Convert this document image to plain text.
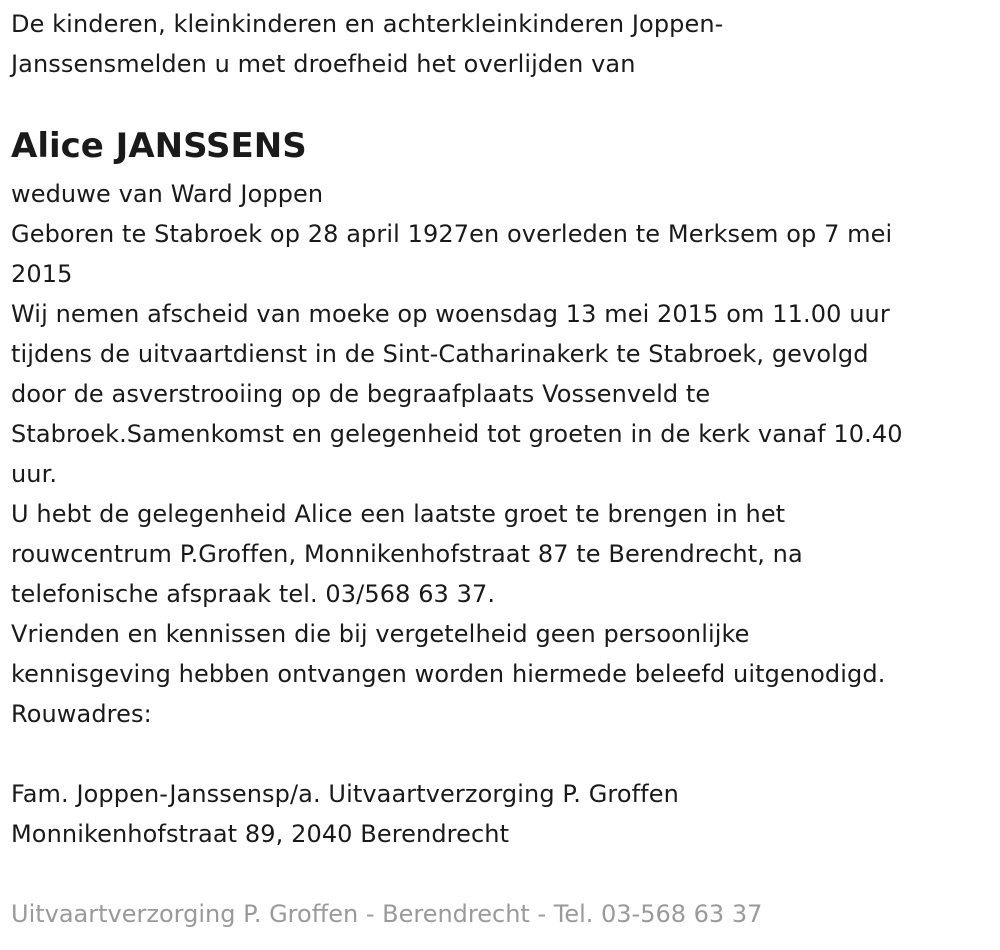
De kinderen, kleinkinderen en achterkleinkinderen Joppen-
Janssensmelden u met droefheid het overlijden van
Alice JANSSENS
weduwe van Ward Joppen
Geboren te Stabroek op 28 april 1927en overleden te Merksem op 7 mei
2015
Wij nemen afscheid van moeke op woensdag 13 mei 2015 om 11.00 uur
tijdens de uitvaartdienst in de Sint-Catharinakerk te Stabroek, gevolgd
door de asverstrooiing op de begraafplaats Vossenveld te
Stabroek.Samenkomst en gelegenheid tot groeten in de kerk vanaf 10.40
uur.
U hebt de gelegenheid Alice een laatste groet te brengen in het
rouwcentrum P.Groffen, Monnikenhofstraat 87 te Berendrecht, na
telefonische afspraak tel. 03/568 63 37.
Vrienden en kennissen die bij vergetelheid geen persoonlijke
kennisgeving hebben ontvangen worden hiermede beleefd uitgenodigd.
Rouwadres:
Fam. Joppen-Janssensp/a. Uitvaartverzorging P. Groffen
Monnikenhofstraat 89, 2040 Berendrecht
Uitvaartverzorging P. Groffen - Berendrecht - Tel. 03-568 63 37
